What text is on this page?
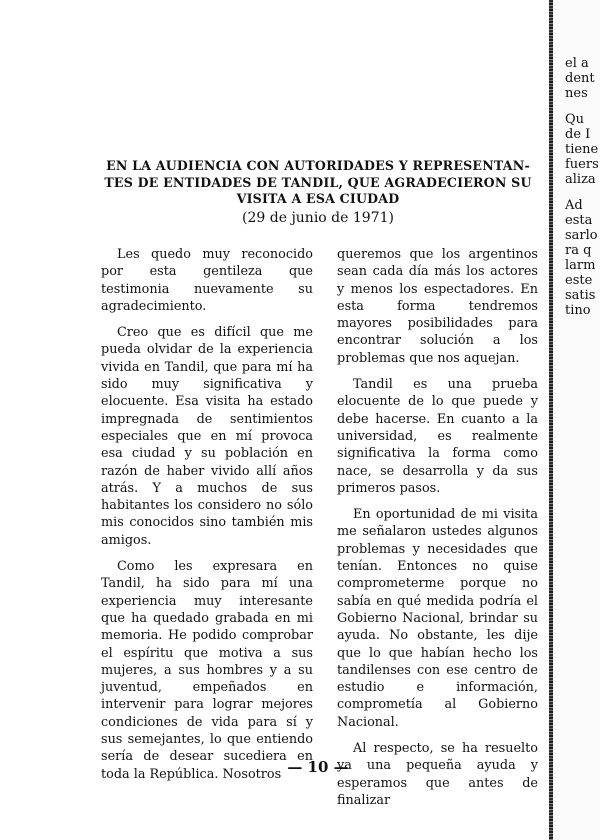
EN LA AUDIENCIA CON AUTORIDADES Y REPRESENTAN-
TES DE ENTIDADES DE TANDIL, QUE AGRADECIERON SU
VISITA A ESA CIUDAD
(29 de junio de 1971)

Les quedo muy reconocido por esta gentileza que testimonia nuevamente su agradecimiento.

Creo que es difícil que me pueda olvidar de la experiencia vivida en Tandil, que para mí ha sido muy significativa y elocuente. Esa visita ha estado impregnada de sentimientos especiales que en mí provoca esa ciudad y su población en razón de haber vivido allí años atrás. Y a muchos de sus habitantes los considero no sólo mis conocidos sino también mis amigos.

Como les expresara en Tandil, ha sido para mí una experiencia muy interesante que ha quedado grabada en mi memoria. He podido comprobar el espíritu que motiva a sus mujeres, a sus hombres y a su juventud, empeñados en intervenir para lograr mejores condiciones de vida para sí y sus semejantes, lo que entiendo sería de desear sucediera en toda la República. Nosotros

queremos que los argentinos sean cada día más los actores y menos los espectadores. En esta forma tendremos mayores posibilidades para encontrar solución a los problemas que nos aquejan.

Tandil es una prueba elocuente de lo que puede y debe hacerse. En cuanto a la universidad, es realmente significativa la forma como nace, se desarrolla y da sus primeros pasos.

En oportunidad de mi visita me señalaron ustedes algunos problemas y necesidades que tenían. Entonces no quise comprometerme porque no sabía en qué medida podría el Gobierno Nacional, brindar su ayuda. No obstante, les dije que lo que habían hecho los tandilenses con ese centro de estudio e información, comprometía al Gobierno Nacional.

Al respecto, se ha resuelto ya una pequeña ayuda y esperamos que antes de finalizar

— 10 —
el a
dent
nes
Qu
de I
tiene
fuers
aliza
Ad
esta
sarlo
ra q
larm
este
satis
tino
